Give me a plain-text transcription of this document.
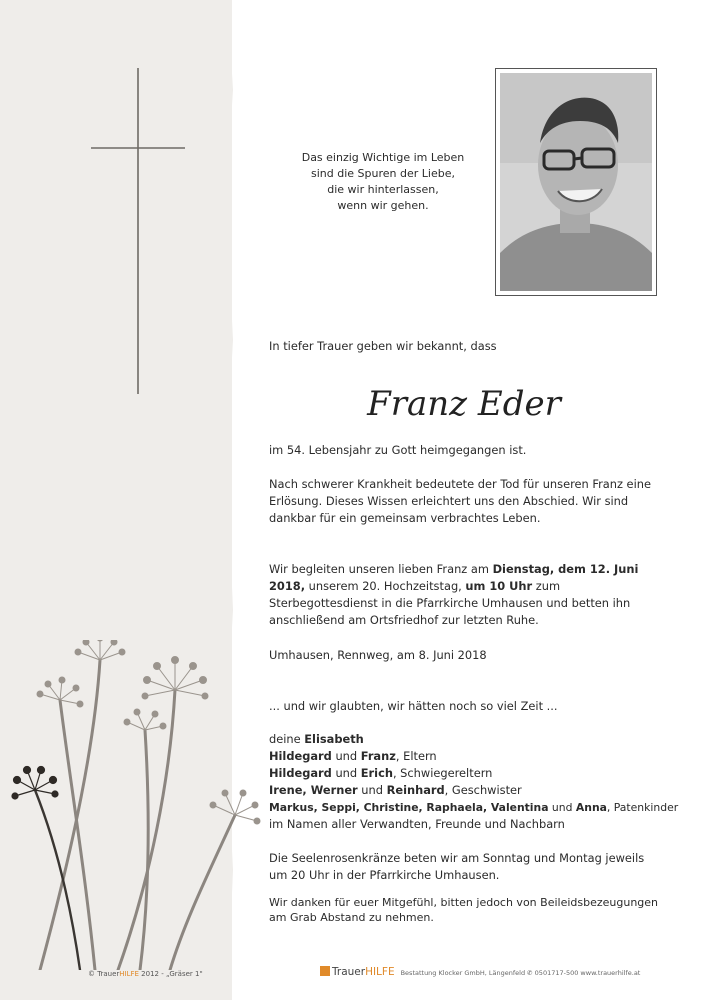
Das einzig Wichtige im Leben
sind die Spuren der Liebe,
die wir hinterlassen,
wenn wir gehen.
In tiefer Trauer geben wir bekannt, dass
Franz Eder
im 54. Lebensjahr zu Gott heimgegangen ist.
Nach schwerer Krankheit bedeutete der Tod für unseren Franz eine Erlösung. Dieses Wissen erleichtert uns den Abschied. Wir sind dankbar für ein gemeinsam verbrachtes Leben.
Wir begleiten unseren lieben Franz am Dienstag, dem 12. Juni 2018, unserem 20. Hochzeitstag, um 10 Uhr zum Sterbegottesdienst in die Pfarrkirche Umhausen und betten ihn anschließend am Ortsfriedhof zur letzten Ruhe.
Umhausen, Rennweg, am 8. Juni 2018
... und wir glaubten, wir hätten noch so viel Zeit ...
deine Elisabeth
Hildegard und Franz, Eltern
Hildegard und Erich, Schwiegereltern
Irene, Werner und Reinhard, Geschwister
Markus, Seppi, Christine, Raphaela, Valentina und Anna, Patenkinder
im Namen aller Verwandten, Freunde und Nachbarn
Die Seelenrosenkränze beten wir am Sonntag und Montag jeweils um 20 Uhr in der Pfarrkirche Umhausen.
Wir danken für euer Mitgefühl, bitten jedoch von Beileidsbezeugungen am Grab Abstand zu nehmen.
© TrauerHILFE 2012 - „Gräser 1"	TrauerHILFE Bestattung Klocker GmbH, Längenfeld ✆ 0501717-500 www.trauerhilfe.at
